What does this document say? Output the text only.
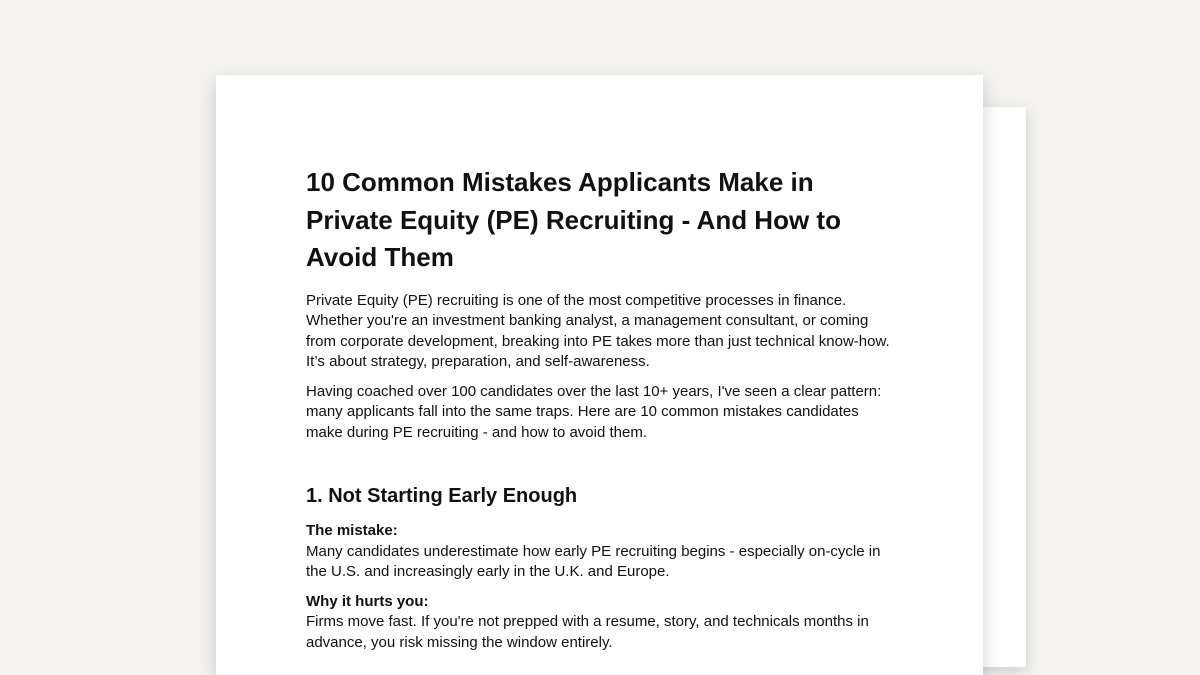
10 Common Mistakes Applicants Make in Private Equity (PE) Recruiting - And How to Avoid Them

Private Equity (PE) recruiting is one of the most competitive processes in finance. Whether you're an investment banking analyst, a management consultant, or coming from corporate development, breaking into PE takes more than just technical know-how. It’s about strategy, preparation, and self-awareness.

Having coached over 100 candidates over the last 10+ years, I've seen a clear pattern: many applicants fall into the same traps. Here are 10 common mistakes candidates make during PE recruiting - and how to avoid them.

1. Not Starting Early Enough

The mistake:
Many candidates underestimate how early PE recruiting begins - especially on-cycle in the U.S. and increasingly early in the U.K. and Europe.

Why it hurts you:
Firms move fast. If you're not prepped with a resume, story, and technicals months in advance, you risk missing the window entirely.
